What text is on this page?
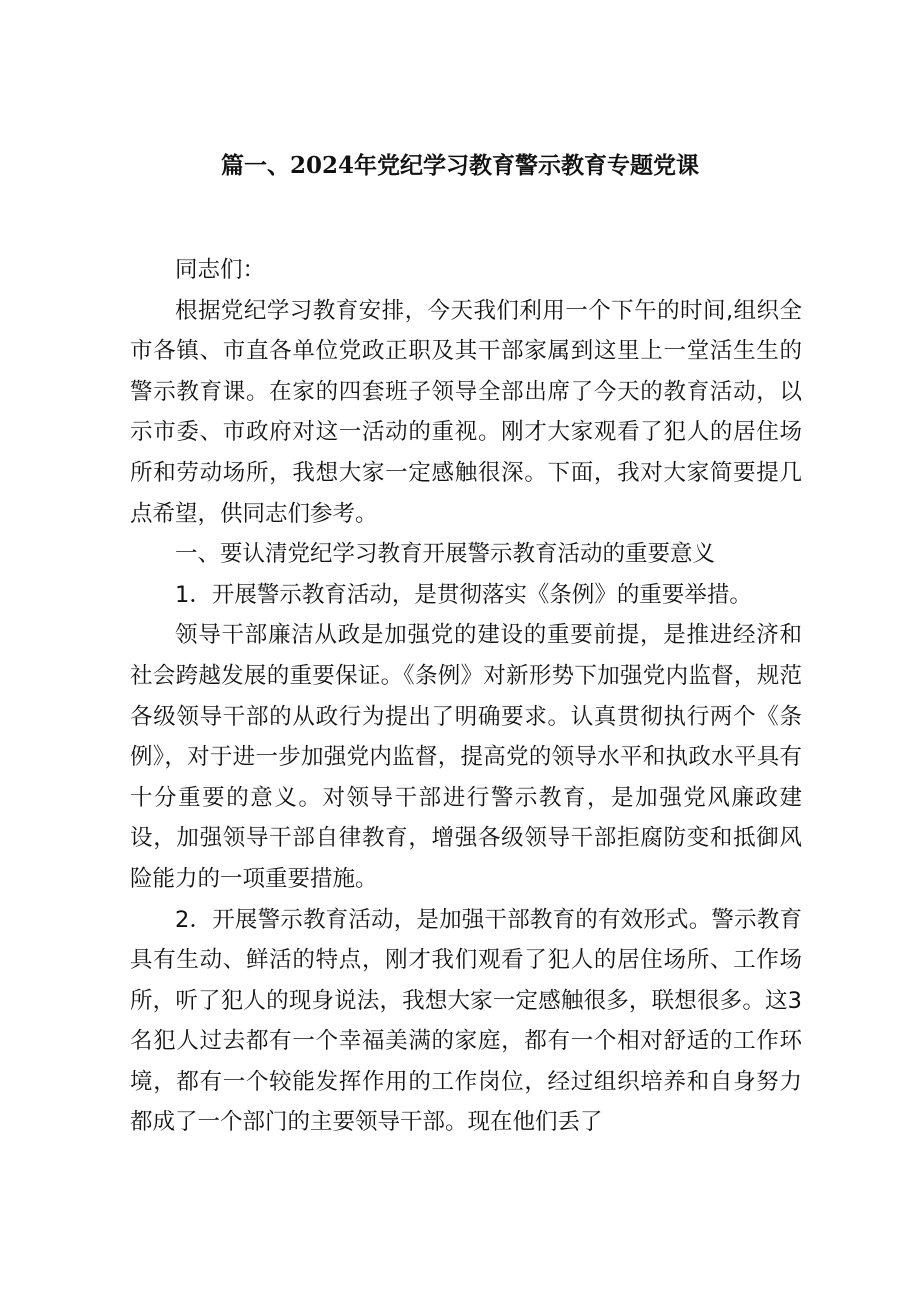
篇一、2024年党纪学习教育警示教育专题党课

同志们：

根据党纪学习教育安排，今天我们利用一个下午的时间,组织全市各镇、市直各单位党政正职及其干部家属到这里上一堂活生生的警示教育课。在家的四套班子领导全部出席了今天的教育活动，以示市委、市政府对这一活动的重视。刚才大家观看了犯人的居住场所和劳动场所，我想大家一定感触很深。下面，我对大家简要提几点希望，供同志们参考。

一、要认清党纪学习教育开展警示教育活动的重要意义

1．开展警示教育活动，是贯彻落实《条例》的重要举措。

领导干部廉洁从政是加强党的建设的重要前提，是推进经济和社会跨越发展的重要保证。《条例》对新形势下加强党内监督，规范各级领导干部的从政行为提出了明确要求。认真贯彻执行两个《条例》，对于进一步加强党内监督，提高党的领导水平和执政水平具有十分重要的意义。对领导干部进行警示教育，是加强党风廉政建设，加强领导干部自律教育，增强各级领导干部拒腐防变和抵御风险能力的一项重要措施。

2．开展警示教育活动，是加强干部教育的有效形式。警示教育具有生动、鲜活的特点，刚才我们观看了犯人的居住场所、工作场所，听了犯人的现身说法，我想大家一定感触很多，联想很多。这3名犯人过去都有一个幸福美满的家庭，都有一个相对舒适的工作环境，都有一个较能发挥作用的工作岗位，经过组织培养和自身努力都成了一个部门的主要领导干部。现在他们丢了
